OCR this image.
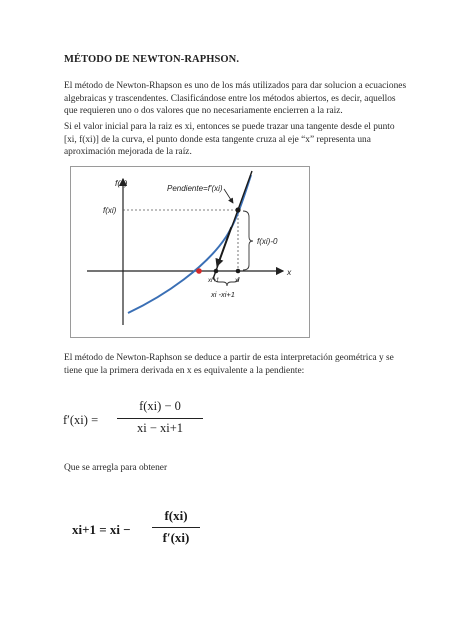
MÉTODO DE NEWTON-RAPHSON.
El método de Newton-Rhapson es uno de los más utilizados para dar solucion a ecuaciones
algebraicas y trascendentes. Clasificándose entre los métodos abiertos, es decir, aquellos
que requieren uno o dos valores que no necesariamente encierren a la raiz.
Si el valor inicial para la raiz es xi, entonces se puede trazar una tangente desde el punto
[xi, f(xi)] de la curva, el punto donde esta tangente cruza al eje “x” representa una
aproximación mejorada de la raíz.
f(x)
f(xi)
Pendiente=f'(xi)
f(xi)-0
x
xi+1	xi
xi -xi+1
El método de Newton-Raphson se deduce a partir de esta interpretación geométrica y se
tiene que la primera derivada en x es equivalente a la pendiente:
f′(xi) =
f(xi) − 0
xi − xi+1
Que se arregla para obtener
xi+1 = xi −
f(xi)
f′(xi)
